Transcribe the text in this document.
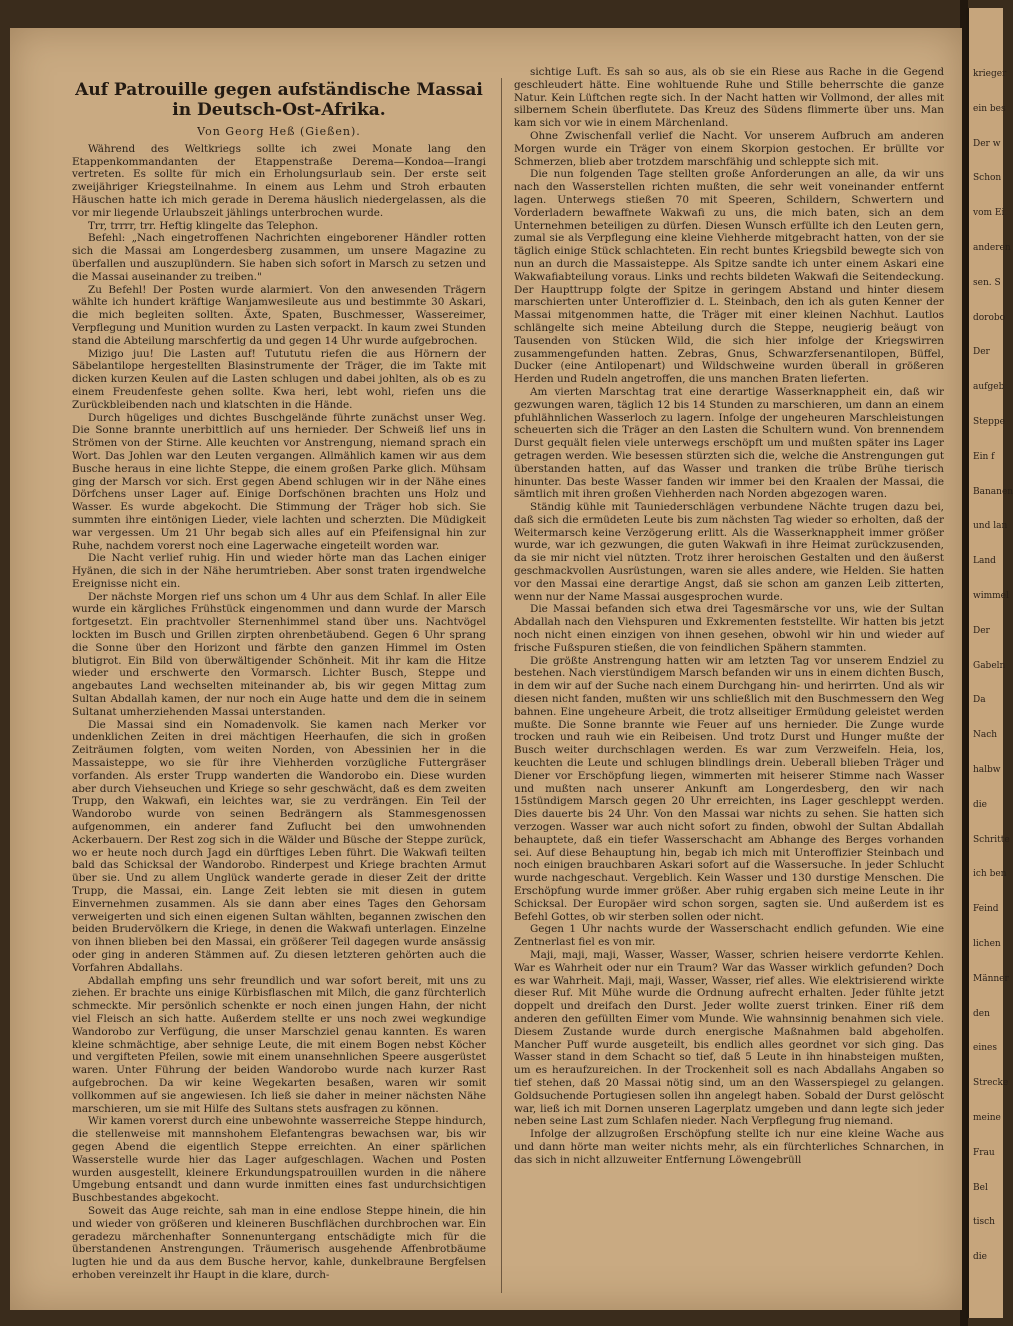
Auf Patrouille gegen aufständische Massai in Deutsch-Ost-Afrika.
Von Georg Heß (Gießen).

Während des Weltkriegs sollte ich zwei Monate lang den Etappenkommandanten der Etappenstraße Derema—Kondoa—Irangi vertreten. Es sollte für mich ein Erholungsurlaub sein. Der erste seit zweijähriger Kriegsteilnahme. In einem aus Lehm und Stroh erbauten Häuschen hatte ich mich gerade in Derema häuslich niedergelassen, als die vor mir liegende Urlaubszeit jählings unterbrochen wurde.

Trr, trrrr, trr. Heftig klingelte das Telephon.

Befehl: „Nach eingetroffenen Nachrichten eingeborener Händler rotten sich die Massai am Longerdesberg zusammen, um unsere Magazine zu überfallen und auszuplündern. Sie haben sich sofort in Marsch zu setzen und die Massai auseinander zu treiben."

Zu Befehl! Der Posten wurde alarmiert. Von den anwesenden Trägern wählte ich hundert kräftige Wanjamwesileute aus und bestimmte 30 Askari, die mich begleiten sollten. Äxte, Spaten, Buschmesser, Wassereimer, Verpflegung und Munition wurden zu Lasten verpackt. In kaum zwei Stunden stand die Abteilung marschfertig da und gegen 14 Uhr wurde aufgebrochen.

Mizigo juu! Die Lasten auf! Tutututu riefen die aus Hörnern der Säbelantilope hergestellten Blasinstrumente der Träger, die im Takte mit dicken kurzen Keulen auf die Lasten schlugen und dabei johlten, als ob es zu einem Freudenfeste gehen sollte. Kwa heri, lebt wohl, riefen uns die Zurückbleibenden nach und klatschten in die Hände.

Durch hügeliges und dichtes Buschgelände führte zunächst unser Weg. Die Sonne brannte unerbittlich auf uns hernieder. Der Schweiß lief uns in Strömen von der Stirne. Alle keuchten vor Anstrengung, niemand sprach ein Wort. Das Johlen war den Leuten vergangen. Allmählich kamen wir aus dem Busche heraus in eine lichte Steppe, die einem großen Parke glich. Mühsam ging der Marsch vor sich. Erst gegen Abend schlugen wir in der Nähe eines Dörfchens unser Lager auf. Einige Dorfschönen brachten uns Holz und Wasser. Es wurde abgekocht. Die Stimmung der Träger hob sich. Sie summten ihre eintönigen Lieder, viele lachten und scherzten. Die Müdigkeit war vergessen. Um 21 Uhr begab sich alles auf ein Pfeifensignal hin zur Ruhe, nachdem vorerst noch eine Lagerwache eingeteilt worden war.

Die Nacht verlief ruhig. Hin und wieder hörte man das Lachen einiger Hyänen, die sich in der Nähe herumtrieben. Aber sonst traten irgendwelche Ereignisse nicht ein.

Der nächste Morgen rief uns schon um 4 Uhr aus dem Schlaf. In aller Eile wurde ein kärgliches Frühstück eingenommen und dann wurde der Marsch fortgesetzt. Ein prachtvoller Sternenhimmel stand über uns. Nachtvögel lockten im Busch und Grillen zirpten ohrenbetäubend. Gegen 6 Uhr sprang die Sonne über den Horizont und färbte den ganzen Himmel im Osten blutigrot. Ein Bild von überwältigender Schönheit. Mit ihr kam die Hitze wieder und erschwerte den Vormarsch. Lichter Busch, Steppe und angebautes Land wechselten miteinander ab, bis wir gegen Mittag zum Sultan Abdallah kamen, der nur noch ein Auge hatte und dem die in seinem Sultanat umherziehenden Massai unterstanden.

Die Massai sind ein Nomadenvolk. Sie kamen nach Merker vor undenklichen Zeiten in drei mächtigen Heerhaufen, die sich in großen Zeiträumen folgten, vom weiten Norden, von Abessinien her in die Massaisteppe, wo sie für ihre Viehherden vorzügliche Futtergräser vorfanden. Als erster Trupp wanderten die Wandorobo ein. Diese wurden aber durch Viehseuchen und Kriege so sehr geschwächt, daß es dem zweiten Trupp, den Wakwafi, ein leichtes war, sie zu verdrängen. Ein Teil der Wandorobo wurde von seinen Bedrängern als Stammesgenossen aufgenommen, ein anderer fand Zuflucht bei den umwohnenden Ackerbauern. Der Rest zog sich in die Wälder und Büsche der Steppe zurück, wo er heute noch durch Jagd ein dürftiges Leben führt. Die Wakwafi teilten bald das Schicksal der Wandorobo. Rinderpest und Kriege brachten Armut über sie. Und zu allem Unglück wanderte gerade in dieser Zeit der dritte Trupp, die Massai, ein. Lange Zeit lebten sie mit diesen in gutem Einvernehmen zusammen. Als sie dann aber eines Tages den Gehorsam verweigerten und sich einen eigenen Sultan wählten, begannen zwischen den beiden Brudervölkern die Kriege, in denen die Wakwafi unterlagen. Einzelne von ihnen blieben bei den Massai, ein größerer Teil dagegen wurde ansässig oder ging in anderen Stämmen auf. Zu diesen letzteren gehörten auch die Vorfahren Abdallahs.

Abdallah empfing uns sehr freundlich und war sofort bereit, mit uns zu ziehen. Er brachte uns einige Kürbisflaschen mit Milch, die ganz fürchterlich schmeckte. Mir persönlich schenkte er noch einen jungen Hahn, der nicht viel Fleisch an sich hatte. Außerdem stellte er uns noch zwei wegkundige Wandorobo zur Verfügung, die unser Marschziel genau kannten. Es waren kleine schmächtige, aber sehnige Leute, die mit einem Bogen nebst Köcher und vergifteten Pfeilen, sowie mit einem unansehnlichen Speere ausgerüstet waren. Unter Führung der beiden Wandorobo wurde nach kurzer Rast aufgebrochen. Da wir keine Wegekarten besaßen, waren wir somit vollkommen auf sie angewiesen. Ich ließ sie daher in meiner nächsten Nähe marschieren, um sie mit Hilfe des Sultans stets ausfragen zu können.

Wir kamen vorerst durch eine unbewohnte wasserreiche Steppe hindurch, die stellenweise mit mannshohem Elefantengras bewachsen war, bis wir gegen Abend die eigentlich Steppe erreichten. An einer spärlichen Wasserstelle wurde hier das Lager aufgeschlagen. Wachen und Posten wurden ausgestellt, kleinere Erkundungspatrouillen wurden in die nähere Umgebung entsandt und dann wurde inmitten eines fast undurchsichtigen Buschbestandes abgekocht.

Soweit das Auge reichte, sah man in eine endlose Steppe hinein, die hin und wieder von größeren und kleineren Buschflächen durchbrochen war. Ein geradezu märchenhafter Sonnenuntergang entschädigte mich für die überstandenen Anstrengungen. Träumerisch ausgehende Affenbrotbäume lugten hie und da aus dem Busche hervor, kahle, dunkelbraune Bergfelsen erhoben vereinzelt ihr Haupt in die klare, durch-

sichtige Luft. Es sah so aus, als ob sie ein Riese aus Rache in die Gegend geschleudert hätte. Eine wohltuende Ruhe und Stille beherrschte die ganze Natur. Kein Lüftchen regte sich. In der Nacht hatten wir Vollmond, der alles mit silbernem Schein überflutete. Das Kreuz des Südens flimmerte über uns. Man kam sich vor wie in einem Märchenland.

Ohne Zwischenfall verlief die Nacht. Vor unserem Aufbruch am anderen Morgen wurde ein Träger von einem Skorpion gestochen. Er brüllte vor Schmerzen, blieb aber trotzdem marschfähig und schleppte sich mit.

Die nun folgenden Tage stellten große Anforderungen an alle, da wir uns nach den Wasserstellen richten mußten, die sehr weit voneinander entfernt lagen. Unterwegs stießen 70 mit Speeren, Schildern, Schwertern und Vorderladern bewaffnete Wakwafi zu uns, die mich baten, sich an dem Unternehmen beteiligen zu dürfen. Diesen Wunsch erfüllte ich den Leuten gern, zumal sie als Verpflegung eine kleine Viehherde mitgebracht hatten, von der sie täglich einige Stück schlachteten. Ein recht buntes Kriegsbild bewegte sich von nun an durch die Massaisteppe. Als Spitze sandte ich unter einem Askari eine Wakwafiabteilung voraus. Links und rechts bildeten Wakwafi die Seitendeckung. Der Haupttrupp folgte der Spitze in geringem Abstand und hinter diesem marschierten unter Unteroffizier d. L. Steinbach, den ich als guten Kenner der Massai mitgenommen hatte, die Träger mit einer kleinen Nachhut. Lautlos schlängelte sich meine Abteilung durch die Steppe, neugierig beäugt von Tausenden von Stücken Wild, die sich hier infolge der Kriegswirren zusammengefunden hatten. Zebras, Gnus, Schwarzfersenantilopen, Büffel, Ducker (eine Antilopenart) und Wildschweine wurden überall in größeren Herden und Rudeln angetroffen, die uns manchen Braten lieferten.

Am vierten Marschtag trat eine derartige Wasserknappheit ein, daß wir gezwungen waren, täglich 12 bis 14 Stunden zu marschieren, um dann an einem pfuhlähnlichen Wasserloch zu lagern. Infolge der ungeheuren Marschleistungen scheuerten sich die Träger an den Lasten die Schultern wund. Von brennendem Durst gequält fielen viele unterwegs erschöpft um und mußten später ins Lager getragen werden. Wie besessen stürzten sich die, welche die Anstrengungen gut überstanden hatten, auf das Wasser und tranken die trübe Brühe tierisch hinunter. Das beste Wasser fanden wir immer bei den Kraalen der Massai, die sämtlich mit ihren großen Viehherden nach Norden abgezogen waren.

Ständig kühle mit Tauniederschlägen verbundene Nächte trugen dazu bei, daß sich die ermüdeten Leute bis zum nächsten Tag wieder so erholten, daß der Weitermarsch keine Verzögerung erlitt. Als die Wasserknappheit immer größer wurde, war ich gezwungen, die guten Wakwafi in ihre Heimat zurückzusenden, da sie mir nicht viel nützten. Trotz ihrer heroischen Gestalten und den äußerst geschmackvollen Ausrüstungen, waren sie alles andere, wie Helden. Sie hatten vor den Massai eine derartige Angst, daß sie schon am ganzen Leib zitterten, wenn nur der Name Massai ausgesprochen wurde.

Die Massai befanden sich etwa drei Tagesmärsche vor uns, wie der Sultan Abdallah nach den Viehspuren und Exkrementen feststellte. Wir hatten bis jetzt noch nicht einen einzigen von ihnen gesehen, obwohl wir hin und wieder auf frische Fußspuren stießen, die von feindlichen Spähern stammten.

Die größte Anstrengung hatten wir am letzten Tag vor unserem Endziel zu bestehen. Nach vierstündigem Marsch befanden wir uns in einem dichten Busch, in dem wir auf der Suche nach einem Durchgang hin- und herirrten. Und als wir diesen nicht fanden, mußten wir uns schließlich mit den Buschmessern den Weg bahnen. Eine ungeheure Arbeit, die trotz allseitiger Ermüdung geleistet werden mußte. Die Sonne brannte wie Feuer auf uns hernieder. Die Zunge wurde trocken und rauh wie ein Reibeisen. Und trotz Durst und Hunger mußte der Busch weiter durchschlagen werden. Es war zum Verzweifeln. Heia, los, keuchten die Leute und schlugen blindlings drein. Ueberall blieben Träger und Diener vor Erschöpfung liegen, wimmerten mit heiserer Stimme nach Wasser und mußten nach unserer Ankunft am Longerdesberg, den wir nach 15stündigem Marsch gegen 20 Uhr erreichten, ins Lager geschleppt werden. Dies dauerte bis 24 Uhr. Von den Massai war nichts zu sehen. Sie hatten sich verzogen. Wasser war auch nicht sofort zu finden, obwohl der Sultan Abdallah behauptete, daß ein tiefer Wasserschacht am Abhange des Berges vorhanden sei. Auf diese Behauptung hin, begab ich mich mit Unteroffizier Steinbach und noch einigen brauchbaren Askari sofort auf die Wassersuche. In jeder Schlucht wurde nachgeschaut. Vergeblich. Kein Wasser und 130 durstige Menschen. Die Erschöpfung wurde immer größer. Aber ruhig ergaben sich meine Leute in ihr Schicksal. Der Europäer wird schon sorgen, sagten sie. Und außerdem ist es Befehl Gottes, ob wir sterben sollen oder nicht.

Gegen 1 Uhr nachts wurde der Wasserschacht endlich gefunden. Wie eine Zentnerlast fiel es von mir.

Maji, maji, maji, Wasser, Wasser, Wasser, schrien heisere verdorrte Kehlen. War es Wahrheit oder nur ein Traum? War das Wasser wirklich gefunden? Doch es war Wahrheit. Maji, maji, Wasser, Wasser, rief alles. Wie elektrisierend wirkte dieser Ruf. Mit Mühe wurde die Ordnung aufrecht erhalten. Jeder fühlte jetzt doppelt und dreifach den Durst. Jeder wollte zuerst trinken. Einer riß dem anderen den gefüllten Eimer vom Munde. Wie wahnsinnig benahmen sich viele. Diesem Zustande wurde durch energische Maßnahmen bald abgeholfen. Mancher Puff wurde ausgeteilt, bis endlich alles geordnet vor sich ging. Das Wasser stand in dem Schacht so tief, daß 5 Leute in ihn hinabsteigen mußten, um es heraufzureichen. In der Trockenheit soll es nach Abdallahs Angaben so tief stehen, daß 20 Massai nötig sind, um an den Wasserspiegel zu gelangen. Goldsuchende Portugiesen sollen ihn angelegt haben. Sobald der Durst gelöscht war, ließ ich mit Dornen unseren Lagerplatz umgeben und dann legte sich jeder neben seine Last zum Schlafen nieder. Nach Verpflegung frug niemand.

Infolge der allzugroßen Erschöpfung stellte ich nur eine kleine Wache aus und dann hörte man weiter nichts mehr, als ein fürchterliches Schnarchen, in das sich in nicht allzuweiter Entfernung Löwengebrüll

krieger
ein bes
Der w
Schon
vom Ei
anderen
sen. S
dorobo
Der
aufgeb
Steppe
Ein f
Bananen
und lan
Land
wimmel
Der
Gabeln
Da
Nach
halbw
die
Schritte
ich ben
Feind
lichen
Männer
den
eines
Strecke
meine
Frau
Bel
tisch
die
